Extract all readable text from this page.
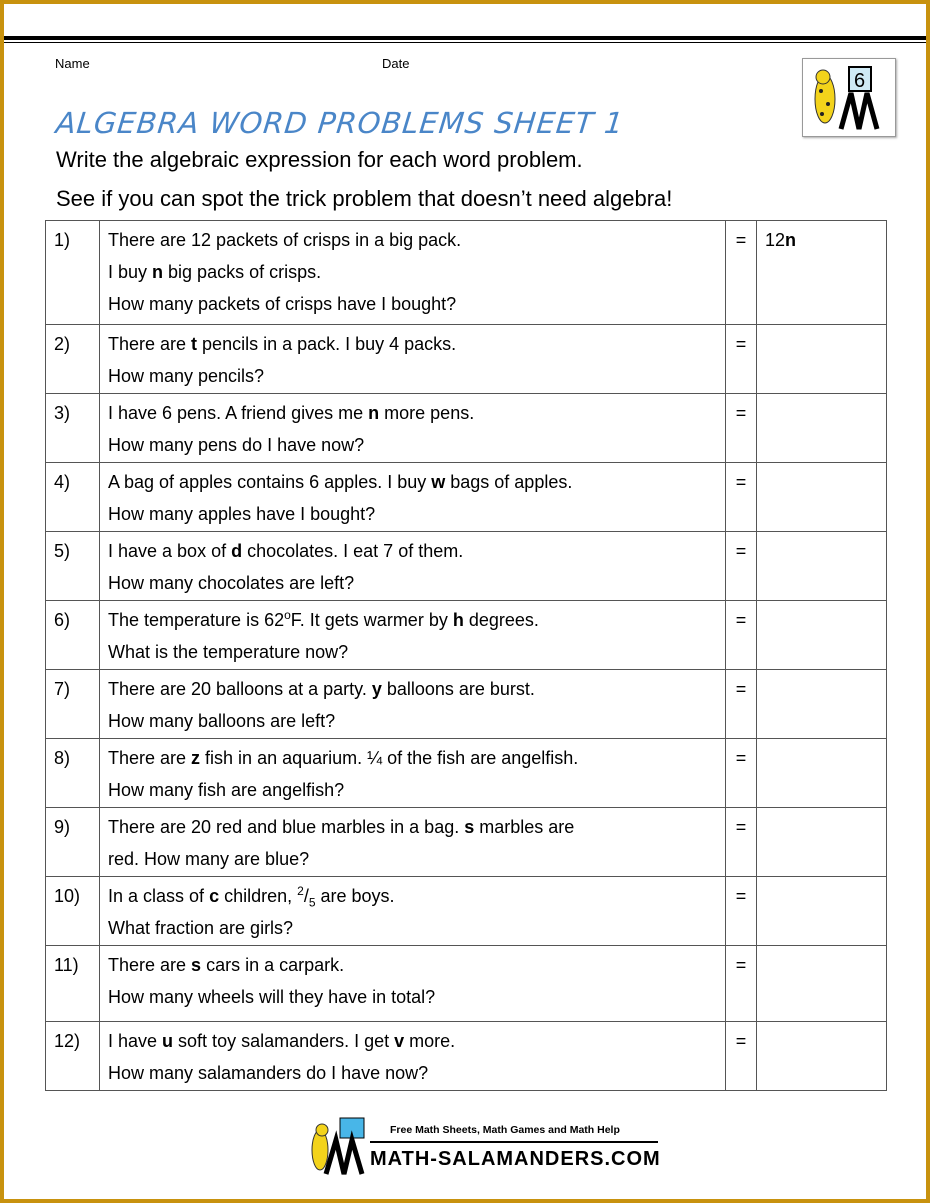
Name	Date
6
ALGEBRA WORD PROBLEMS SHEET 1
Write the algebraic expression for each word problem.
See if you can spot the trick problem that doesn’t need algebra!
1)	There are 12 packets of crisps in a big pack.
I buy n big packs of crisps.
How many packets of crisps have I bought?	=	12n
2)	There are t pencils in a pack. I buy 4 packs.
How many pencils?	=	
3)	I have 6 pens. A friend gives me n more pens.
How many pens do I have now?	=	
4)	A bag of apples contains 6 apples. I buy w bags of apples.
How many apples have I bought?	=	
5)	I have a box of d chocolates. I eat 7 of them.
How many chocolates are left?	=	
6)	The temperature is 62$^o$F. It gets warmer by h degrees.
What is the temperature now?	=	
7)	There are 20 balloons at a party. y balloons are burst.
How many balloons are left?	=	
8)	There are z fish in an aquarium. ¼ of the fish are angelfish.
How many fish are angelfish?	=	
9)	There are 20 red and blue marbles in a bag. s marbles are
red. How many are blue?	=	
10)	In a class of c children, $^2/_5$ are boys.
What fraction are girls?	=	
11)	There are s cars in a carpark.
How many wheels will they have in total?	=	
12)	I have u soft toy salamanders. I get v more.
How many salamanders do I have now?	=	
Free Math Sheets, Math Games and Math Help
MATH-SALAMANDERS.COM
